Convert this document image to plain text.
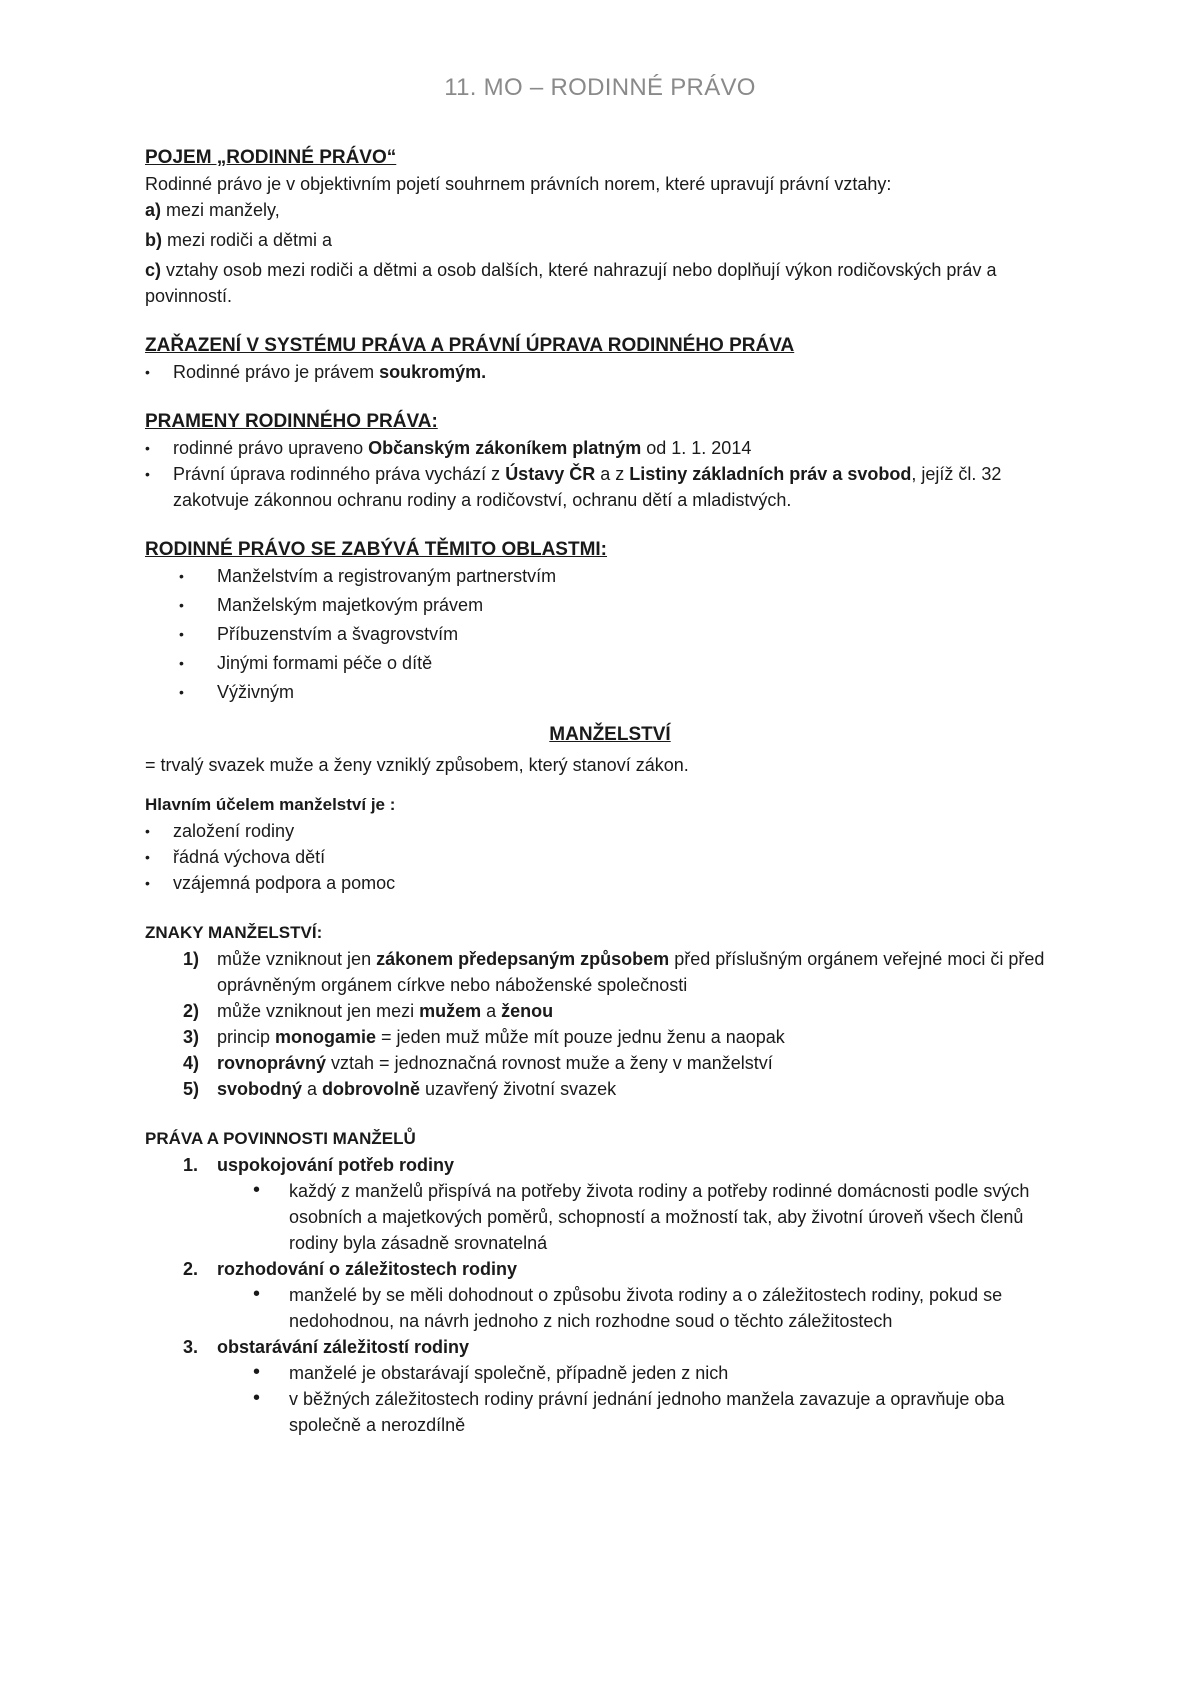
11. MO – RODINNÉ PRÁVO
POJEM „RODINNÉ PRÁVO“

Rodinné právo je v objektivním pojetí souhrnem právních norem, které upravují právní vztahy:

a) mezi manžely,

b) mezi rodiči a dětmi a

c) vztahy osob mezi rodiči a dětmi a osob dalších, které nahrazují nebo doplňují výkon rodičovských práv a povinností.

ZAŘAZENÍ V SYSTÉMU PRÁVA A PRÁVNÍ ÚPRAVA RODINNÉHO PRÁVA
• Rodinné právo je právem soukromým.
PRAMENY RODINNÉHO PRÁVA:
• rodinné právo upraveno Občanským zákoníkem platným od 1. 1. 2014
• Právní úprava rodinného práva vychází z Ústavy ČR a z Listiny základních práv a svobod, jejíž čl. 32 zakotvuje zákonnou ochranu rodiny a rodičovství, ochranu dětí a mladistvých.
RODINNÉ PRÁVO SE ZABÝVÁ TĚMITO OBLASTMI:
• Manželstvím a registrovaným partnerstvím
• Manželským majetkovým právem
• Příbuzenstvím a švagrovstvím
• Jinými formami péče o dítě
• Výživným
MANŽELSTVÍ

= trvalý svazek muže a ženy vzniklý způsobem, který stanoví zákon.

Hlavním účelem manželství je :
• založení rodiny
• řádná výchova dětí
• vzájemná podpora a pomoc
ZNAKY MANŽELSTVÍ:
1) může vzniknout jen zákonem předepsaným způsobem před příslušným orgánem veřejné moci či před oprávněným orgánem církve nebo náboženské společnosti
2) může vzniknout jen mezi mužem a ženou
3) princip monogamie = jeden muž může mít pouze jednu ženu a naopak
4) rovnoprávný vztah = jednoznačná rovnost muže a ženy v manželství
5) svobodný a dobrovolně uzavřený životní svazek
PRÁVA A POVINNOSTI MANŽELŮ
1. uspokojování potřeb rodiny
• každý z manželů přispívá na potřeby života rodiny a potřeby rodinné domácnosti podle svých osobních a majetkových poměrů, schopností a možností tak, aby životní úroveň všech členů rodiny byla zásadně srovnatelná
2. rozhodování o záležitostech rodiny
• manželé by se měli dohodnout o způsobu života rodiny a o záležitostech rodiny, pokud se nedohodnou, na návrh jednoho z nich rozhodne soud o těchto záležitostech
3. obstarávání záležitostí rodiny
• manželé je obstarávají společně, případně jeden z nich
• v běžných záležitostech rodiny právní jednání jednoho manžela zavazuje a opravňuje oba společně a nerozdílně
